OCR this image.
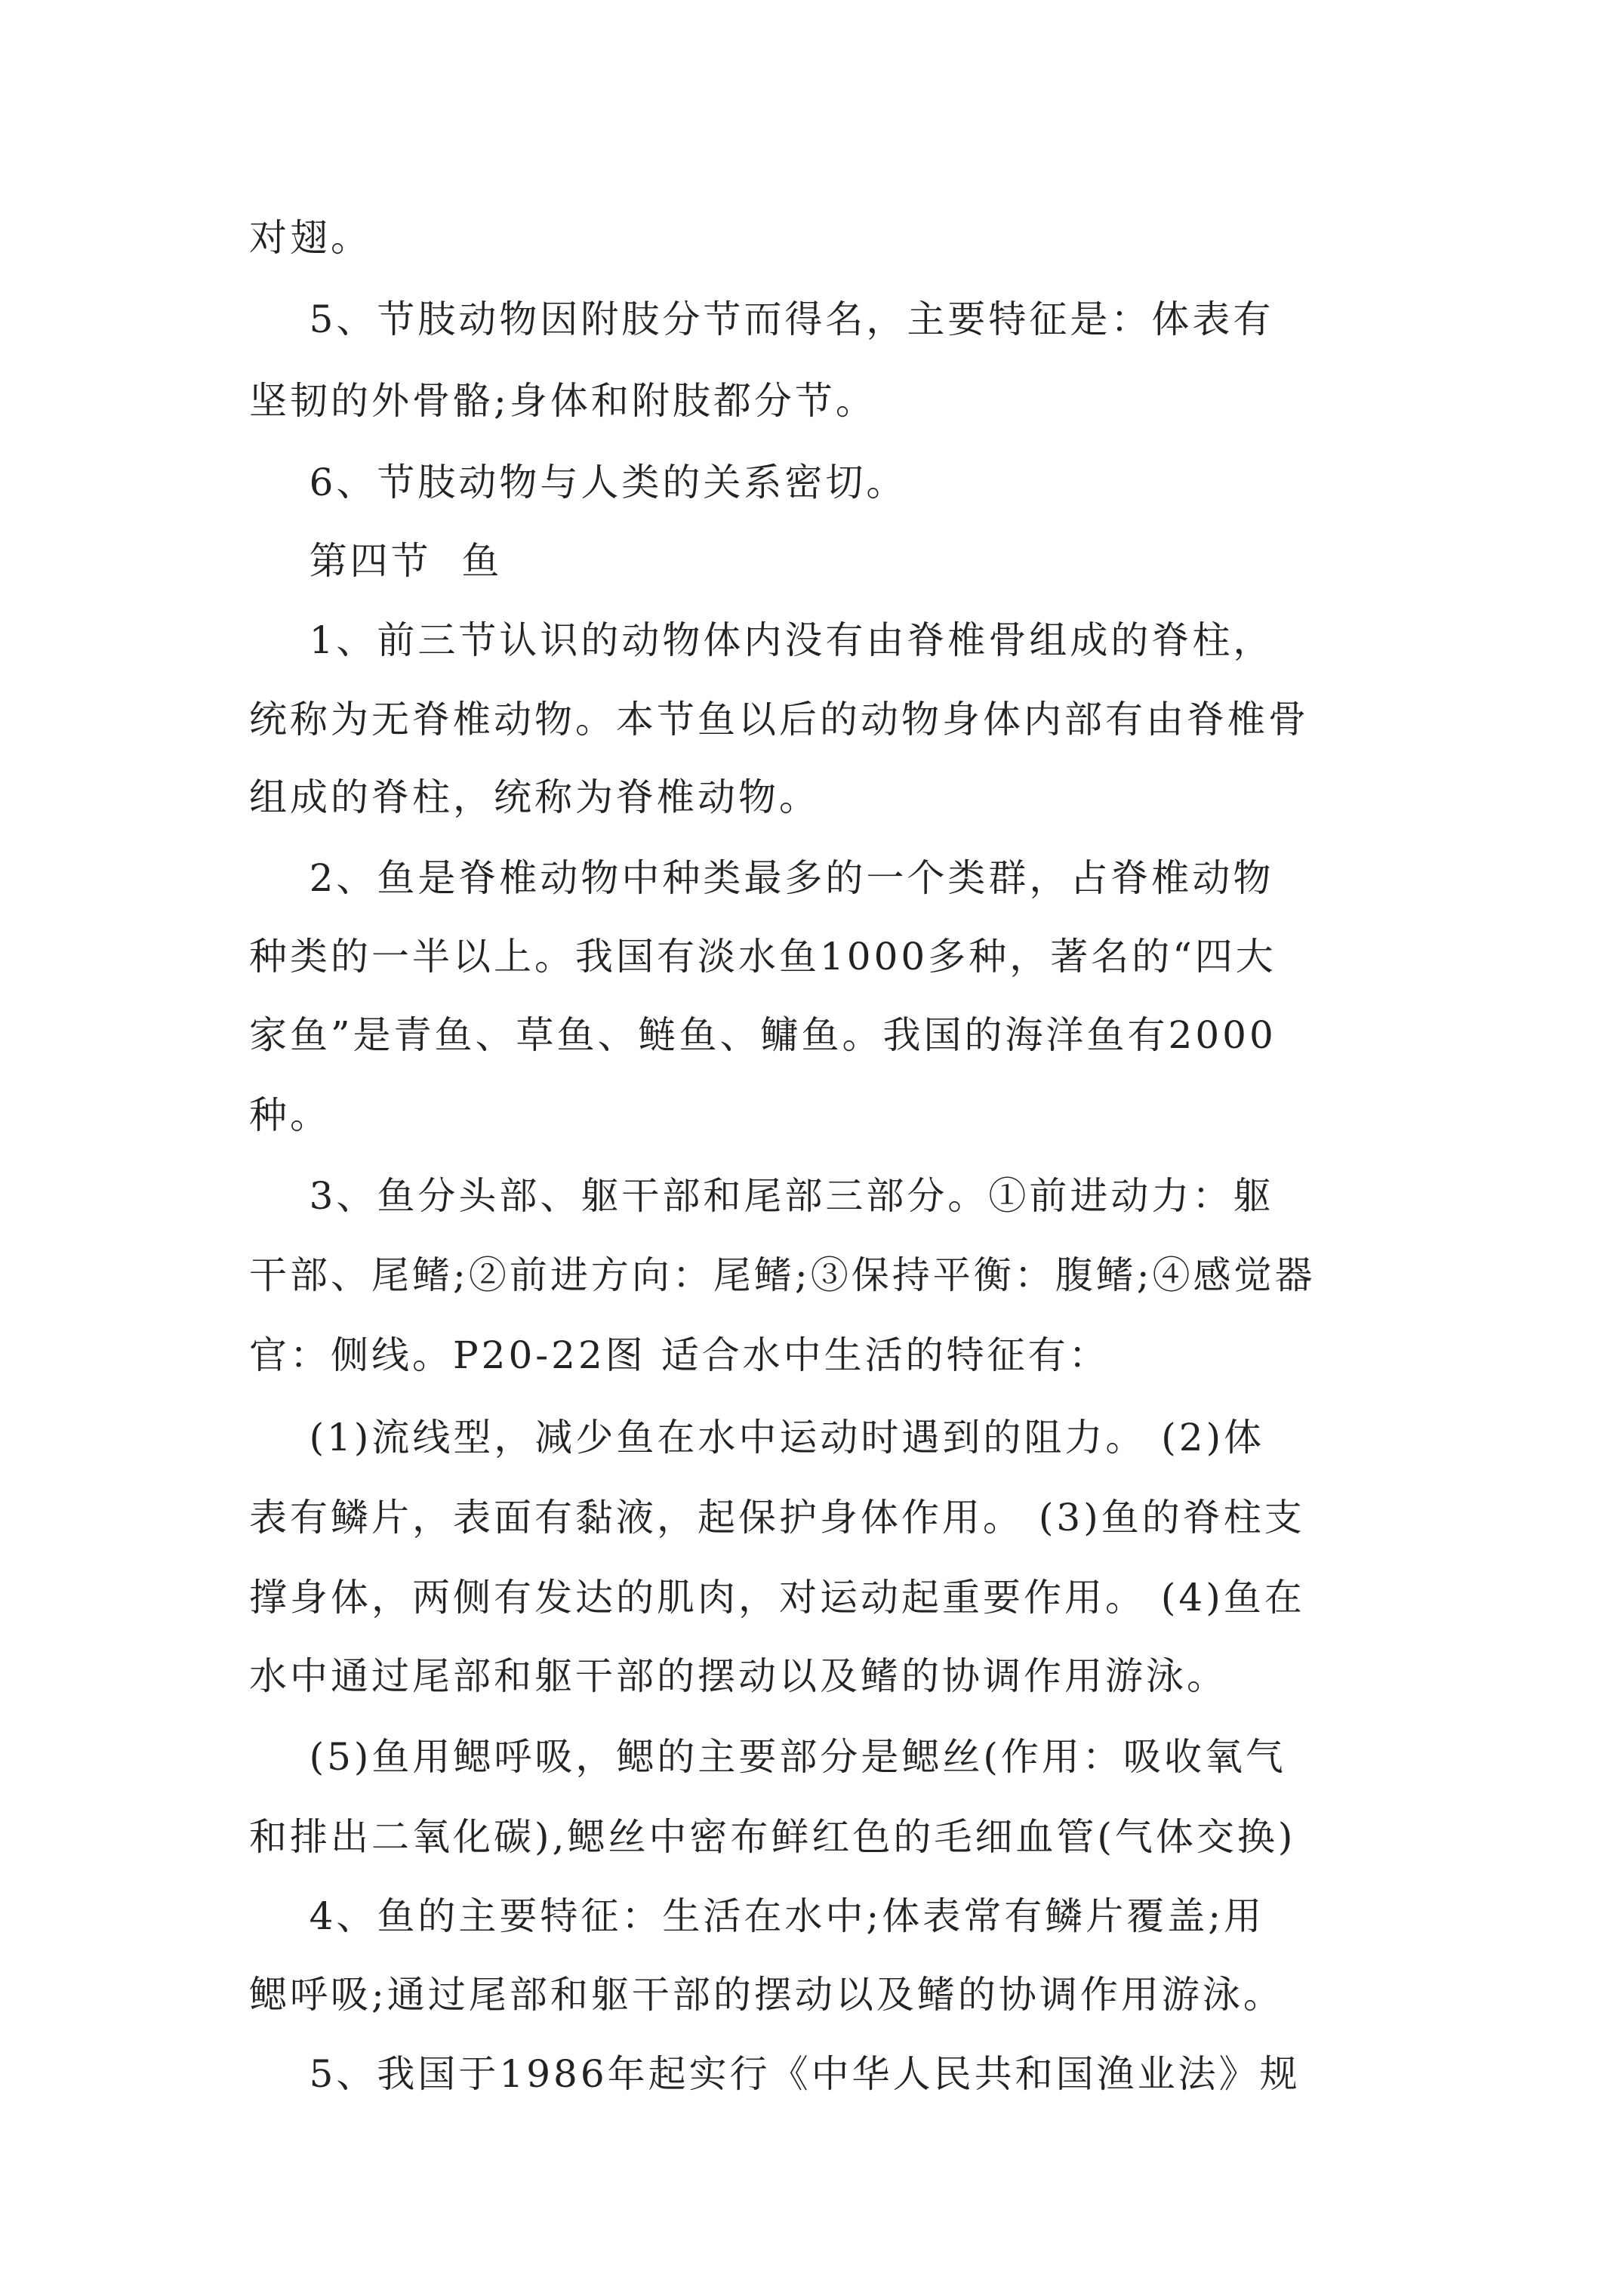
对翅。
5、节肢动物因附肢分节而得名，主要特征是：体表有
坚韧的外骨骼;身体和附肢都分节。
6、节肢动物与人类的关系密切。
第四节  鱼
1、前三节认识的动物体内没有由脊椎骨组成的脊柱，
统称为无脊椎动物。本节鱼以后的动物身体内部有由脊椎骨
组成的脊柱，统称为脊椎动物。
2、鱼是脊椎动物中种类最多的一个类群，占脊椎动物
种类的一半以上。我国有淡水鱼1000多种，著名的“四大
家鱼”是青鱼、草鱼、鲢鱼、鳙鱼。我国的海洋鱼有2000
种。
3、鱼分头部、躯干部和尾部三部分。①前进动力：躯
干部、尾鳍;②前进方向：尾鳍;③保持平衡：腹鳍;④感觉器
官：侧线。P20-22图 适合水中生活的特征有：
(1)流线型，减少鱼在水中运动时遇到的阻力。 (2)体
表有鳞片，表面有黏液，起保护身体作用。 (3)鱼的脊柱支
撑身体，两侧有发达的肌肉，对运动起重要作用。 (4)鱼在
水中通过尾部和躯干部的摆动以及鳍的协调作用游泳。
(5)鱼用鳃呼吸，鳃的主要部分是鳃丝(作用：吸收氧气
和排出二氧化碳),鳃丝中密布鲜红色的毛细血管(气体交换)
4、鱼的主要特征：生活在水中;体表常有鳞片覆盖;用
鳃呼吸;通过尾部和躯干部的摆动以及鳍的协调作用游泳。
5、我国于1986年起实行《中华人民共和国渔业法》规
